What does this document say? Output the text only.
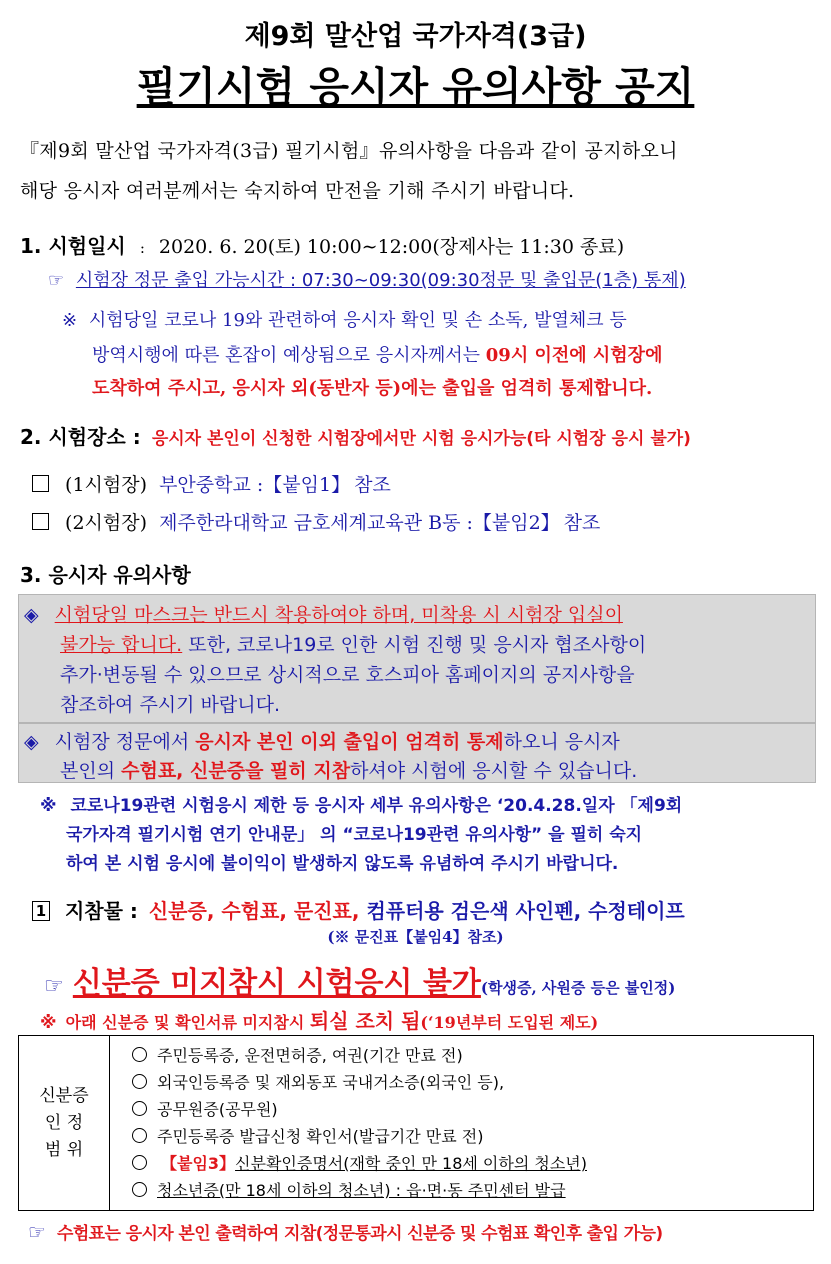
제9회 말산업 국가자격(3급)
필기시험 응시자 유의사항 공지
『제9회 말산업 국가자격(3급) 필기시험』유의사항을 다음과 같이 공지하오니
해당 응시자 여러분께서는 숙지하여 만전을 기해 주시기 바랍니다.
1. 시험일시 : 2020. 6. 20(토) 10:00∼12:00(장제사는 11:30 종료)
☞ 시험장 정문 출입 가능시간 : 07:30∼09:30(09:30정문 및 출입문(1층) 통제)
※ 시험당일 코로나 19와 관련하여 응시자 확인 및 손 소독, 발열체크 등
방역시행에 따른 혼잡이 예상됨으로 응시자께서는 09시 이전에 시험장에
도착하여 주시고, 응시자 외(동반자 등)에는 출입을 엄격히 통제합니다.
2. 시험장소 : 응시자 본인이 신청한 시험장에서만 시험 응시가능(타 시험장 응시 불가)
(1시험장) 부안중학교 :【붙임1】 참조
(2시험장) 제주한라대학교 금호세계교육관 B동 :【붙임2】 참조
3. 응시자 유의사항
◈ 시험당일 마스크는 반드시 착용하여야 하며, 미착용 시 시험장 입실이
불가능 합니다. 또한, 코로나19로 인한 시험 진행 및 응시자 협조사항이
추가·변동될 수 있으므로 상시적으로 호스피아 홈페이지의 공지사항을
참조하여 주시기 바랍니다.
◈ 시험장 정문에서 응시자 본인 이외 출입이 엄격히 통제하오니 응시자
본인의 수험표, 신분증을 필히 지참하셔야 시험에 응시할 수 있습니다.
※ 코로나19관련 시험응시 제한 등 응시자 세부 유의사항은 ‘20.4.28.일자 「제9회
국가자격 필기시험 연기 안내문」 의 “코로나19관련 유의사항” 을 필히 숙지
하여 본 시험 응시에 불이익이 발생하지 않도록 유념하여 주시기 바랍니다.
1 지참물 : 신분증, 수험표, 문진표, 컴퓨터용 검은색 사인펜, 수정테이프
(※ 문진표【붙임4】참조)
☞ 신분증 미지참시 시험응시 불가(학생증, 사원증 등은 불인정)
※ 아래 신분증 및 확인서류 미지참시 퇴실 조치 됨(‘19년부터 도입된 제도)
신분증
인 정
범 위

주민등록증, 운전면허증, 여권(기간 만료 전)
외국인등록증 및 재외동포 국내거소증(외국인 등),
공무원증(공무원)
주민등록증 발급신청 확인서(발급기간 만료 전)
【붙임3】신분확인증명서(재학 중인 만 18세 이하의 청소년)
청소년증(만 18세 이하의 청소년) : 읍·면·동 주민센터 발급
☞ 수험표는 응시자 본인 출력하여 지참(정문통과시 신분증 및 수험표 확인후 출입 가능)
